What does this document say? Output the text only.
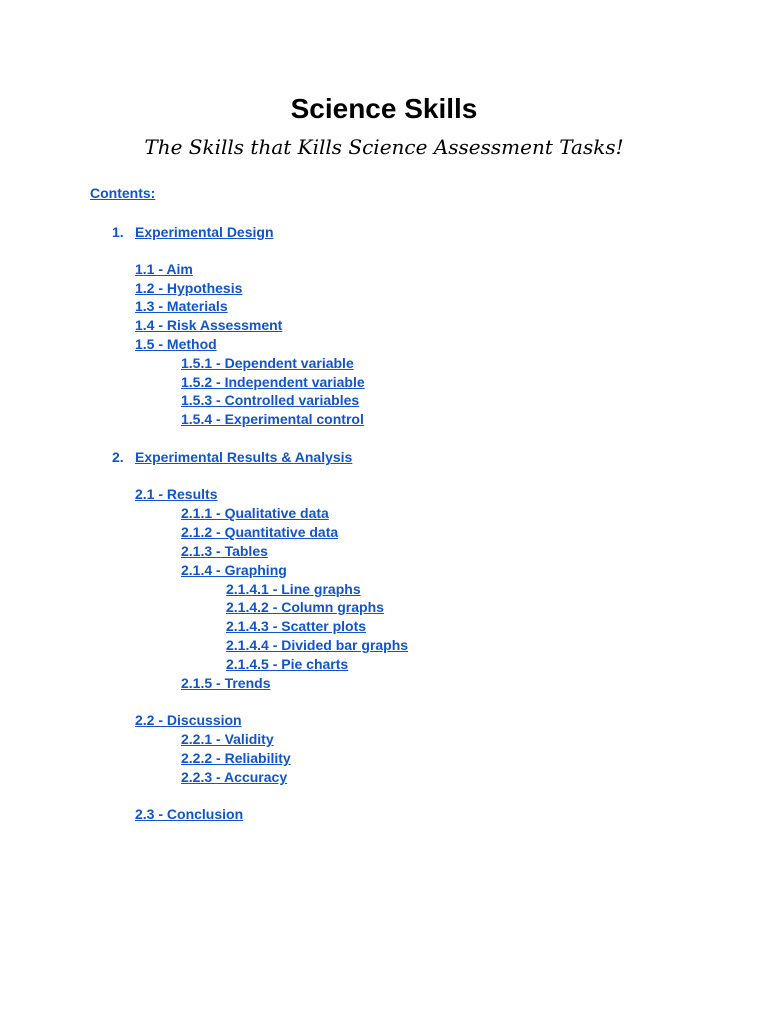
Science Skills
The Skills that Kills Science Assessment Tasks!
Contents:
1. Experimental Design
1.1 - Aim
1.2 - Hypothesis
1.3 - Materials
1.4 - Risk Assessment
1.5 - Method
1.5.1 - Dependent variable
1.5.2 - Independent variable
1.5.3 - Controlled variables
1.5.4 - Experimental control
2. Experimental Results & Analysis
2.1 - Results
2.1.1 - Qualitative data
2.1.2 - Quantitative data
2.1.3 - Tables
2.1.4 - Graphing
2.1.4.1 - Line graphs
2.1.4.2 - Column graphs
2.1.4.3 - Scatter plots
2.1.4.4 - Divided bar graphs
2.1.4.5 - Pie charts
2.1.5 - Trends
2.2 - Discussion
2.2.1 - Validity
2.2.2 - Reliability
2.2.3 - Accuracy
2.3 - Conclusion
